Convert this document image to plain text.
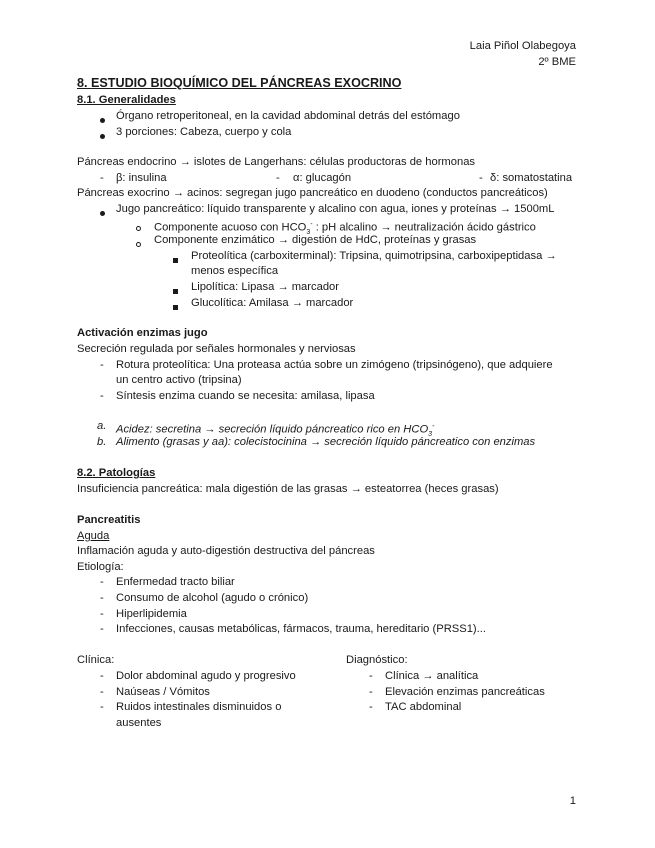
Laia Piñol Olabegoya
2º BME
8. ESTUDIO BIOQUÍMICO DEL PÁNCREAS EXOCRINO
8.1. Generalidades
Órgano retroperitoneal, en la cavidad abdominal detrás del estómago
3 porciones: Cabeza, cuerpo y cola
Páncreas endocrino → islotes de Langerhans: células productoras de hormonas
- β: insulina	- α: glucagón	- δ: somatostatina
Páncreas exocrino → acinos: segregan jugo pancreático en duodeno (conductos pancreáticos)
Jugo pancreático: líquido transparente y alcalino con agua, iones y proteínas → 1500mL
Componente acuoso con $HCO_3^-$ : pH alcalino → neutralización ácido gástrico
Componente enzimático → digestión de HdC, proteínas y grasas
Proteolítica (carboxiterminal): Tripsina, quimotripsina, carboxipeptidasa →
menos específica
Lipolítica: Lipasa → marcador
Glucolítica: Amilasa → marcador
Activación enzimas jugo
Secreción regulada por señales hormonales y nerviosas
- Rotura proteolítica: Una proteasa actúa sobre un zimógeno (tripsinógeno), que adquiere
un centro activo (tripsina)
- Síntesis enzima cuando se necesita: amilasa, lipasa
a. Acidez: secretina → secreción líquido páncreatico rico en $HCO_3^-$
b. Alimento (grasas y aa): colecistocinina → secreción líquido páncreatico con enzimas
8.2. Patologías
Insuficiencia pancreática: mala digestión de las grasas → esteatorrea (heces grasas)
Pancreatitis
Aguda
Inflamación aguda y auto-digestión destructiva del páncreas
Etiología:
- Enfermedad tracto biliar
- Consumo de alcohol (agudo o crónico)
- Hiperlipidemia
- Infecciones, causas metabólicas, fármacos, trauma, hereditario (PRSS1)...
Clínica:
- Dolor abdominal agudo y progresivo
- Naúseas / Vómitos
- Ruidos intestinales disminuidos o
ausentes
Diagnóstico:
- Clínica → analítica
- Elevación enzimas pancreáticas
- TAC abdominal
1
